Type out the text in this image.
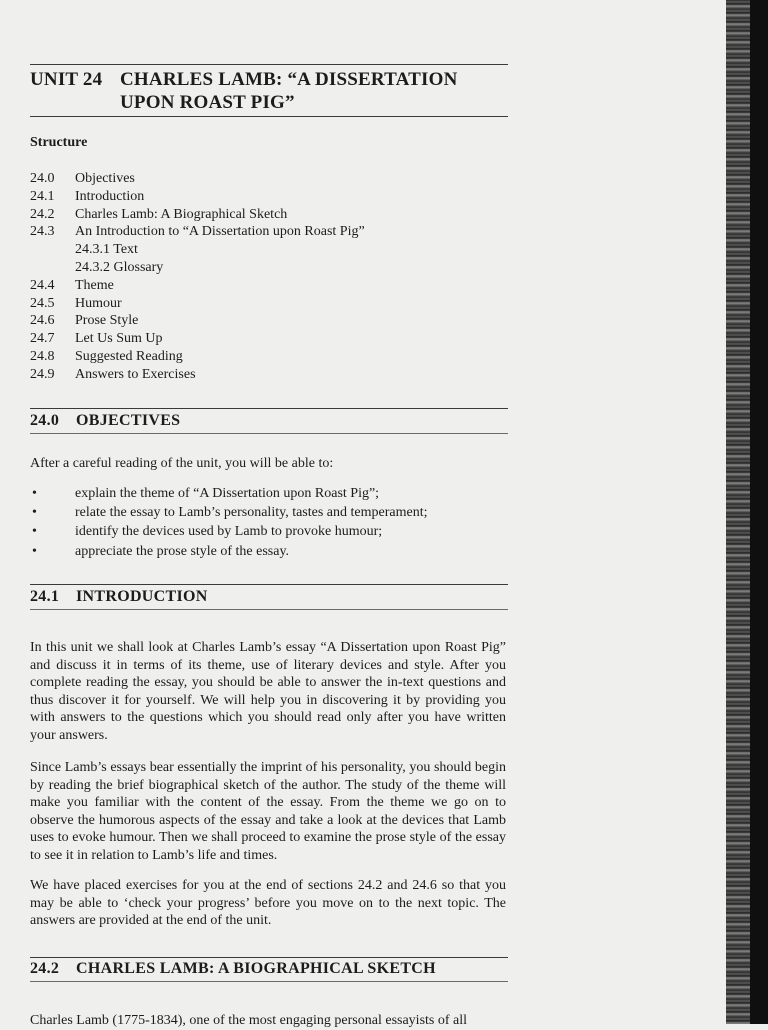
UNIT 24 CHARLES LAMB: “A DISSERTATION
UPON ROAST PIG”
Structure
24.0	Objectives
24.1	Introduction
24.2	Charles Lamb: A Biographical Sketch
24.3	An Introduction to “A Dissertation upon Roast Pig”
24.3.1 Text
24.3.2 Glossary
24.4	Theme
24.5	Humour
24.6	Prose Style
24.7	Let Us Sum Up
24.8	Suggested Reading
24.9	Answers to Exercises
24.0 OBJECTIVES
After a careful reading of the unit, you will be able to:
•	explain the theme of “A Dissertation upon Roast Pig”;
•	relate the essay to Lamb’s personality, tastes and temperament;
•	identify the devices used by Lamb to provoke humour;
•	appreciate the prose style of the essay.
24.1 INTRODUCTION
In this unit we shall look at Charles Lamb’s essay “A Dissertation upon Roast Pig” and discuss it in terms of its theme, use of literary devices and style. After you complete reading the essay, you should be able to answer the in-text questions and thus discover it for yourself. We will help you in discovering it by providing you with answers to the questions which you should read only after you have written your answers.
Since Lamb’s essays bear essentially the imprint of his personality, you should begin by reading the brief biographical sketch of the author. The study of the theme will make you familiar with the content of the essay. From the theme we go on to observe the humorous aspects of the essay and take a look at the devices that Lamb uses to evoke humour. Then we shall proceed to examine the prose style of the essay to see it in relation to Lamb’s life and times.
We have placed exercises for you at the end of sections 24.2 and 24.6 so that you may be able to ‘check your progress’ before you move on to the next topic. The answers are provided at the end of the unit.
24.2 CHARLES LAMB: A BIOGRAPHICAL SKETCH
Charles Lamb (1775-1834), one of the most engaging personal essayists of all
